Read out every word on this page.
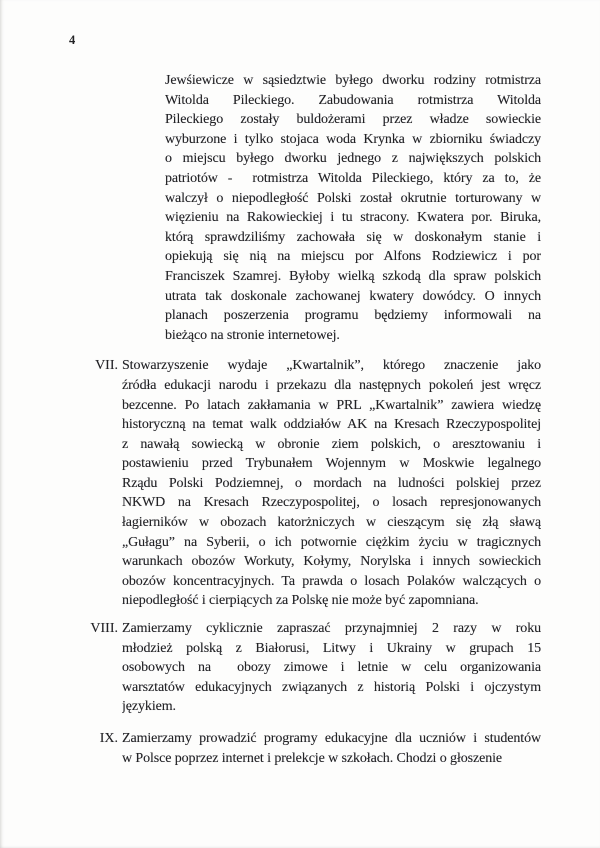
4
Jewśiewicze w sąsiedztwie byłego dworku rodziny rotmistrza
Witolda Pileckiego. Zabudowania rotmistrza Witolda
Pileckiego zostały buldożerami przez władze sowieckie
wyburzone i tylko stojaca woda Krynka w zbiorniku świadczy
o miejscu byłego dworku jednego z największych polskich
patriotów -  rotmistrza Witolda Pileckiego, który za to, że
walczył o niepodległość Polski został okrutnie torturowany w
więzieniu na Rakowieckiej i tu stracony. Kwatera por. Biruka,
którą sprawdziliśmy zachowała się w doskonałym stanie i
opiekują się nią na miejscu por Alfons Rodziewicz i por
Franciszek Szamrej. Byłoby wielką szkodą dla spraw polskich
utrata tak doskonale zachowanej kwatery dowódcy. O innych
planach poszerzenia programu będziemy informowali na
bieżąco na stronie internetowej.
VII. Stowarzyszenie wydaje „Kwartalnik”, którego znaczenie jako
źródła edukacji narodu i przekazu dla następnych pokoleń jest wręcz
bezcenne. Po latach zakłamania w PRL „Kwartalnik” zawiera wiedzę
historyczną na temat walk oddziałów AK na Kresach Rzeczypospolitej
z nawałą sowiecką w obronie ziem polskich, o aresztowaniu i
postawieniu przed Trybunałem Wojennym w Moskwie legalnego
Rządu Polski Podziemnej, o mordach na ludności polskiej przez
NKWD na Kresach Rzeczypospolitej, o losach represjonowanych
łagierników w obozach katorżniczych w cieszącym się złą sławą
„Gułagu” na Syberii, o ich potwornie ciężkim życiu w tragicznych
warunkach obozów Workuty, Kołymy, Norylska i innych sowieckich
obozów koncentracyjnych. Ta prawda o losach Polaków walczących o
niepodległość i cierpiących za Polskę nie może być zapomniana.
VIII. Zamierzamy cyklicznie zapraszać przynajmniej 2 razy w roku
młodzież polską z Białorusi, Litwy i Ukrainy w grupach 15
osobowych na  obozy zimowe i letnie w celu organizowania
warsztatów edukacyjnych związanych z historią Polski i ojczystym
językiem.
IX. Zamierzamy prowadzić programy edukacyjne dla uczniów i studentów
w Polsce poprzez internet i prelekcje w szkołach. Chodzi o głoszenie
